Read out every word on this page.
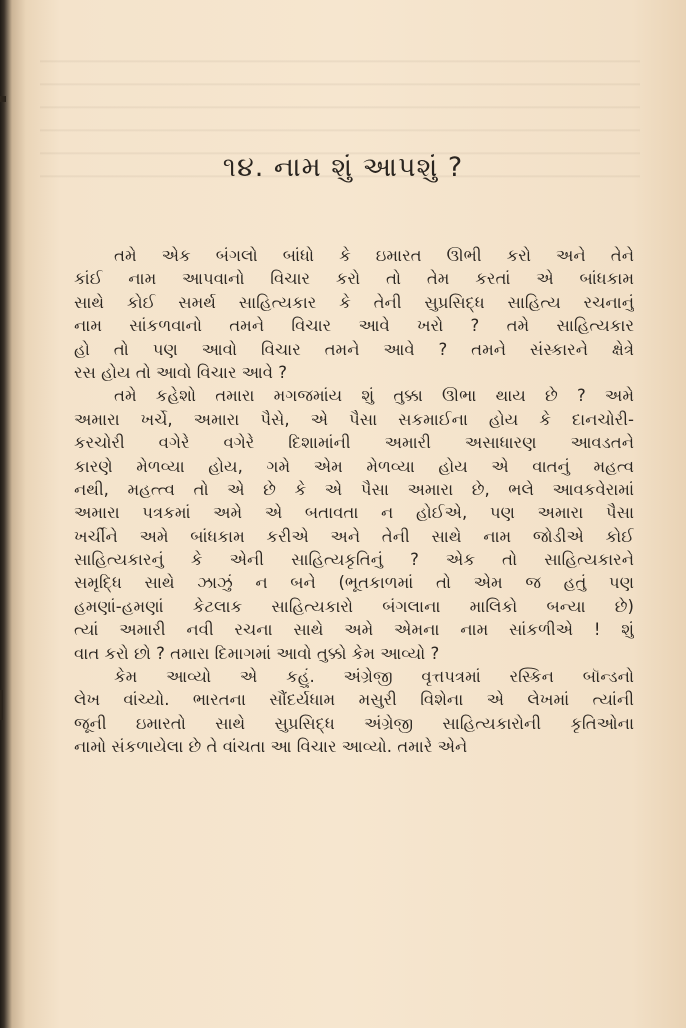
૧૪. નામ શું આપશું ?
તમે એક બંગલો બાંધો કે ઇમારત ઊભી કરો અને તેને
કાંઈ નામ આપવાનો વિચાર કરો તો તેમ કરતાં એ બાંધકામ
સાથે કોઈ સમર્થ સાહિત્યકાર કે તેની સુપ્રસિદ્ધ સાહિત્ય રચનાનું
નામ સાંકળવાનો તમને વિચાર આવે ખરો ? તમે સાહિત્યકાર
હો તો પણ આવો વિચાર તમને આવે ? તમને સંસ્કારને ક્ષેત્રે
રસ હોય તો આવો વિચાર આવે ?
તમે કહેશો તમારા મગજમાંય શું તુક્કા ઊભા થાય છે ? અમે
અમારા ખર્ચે, અમારા પૈસે, એ પૈસા સકમાઈના હોય કે દાનચોરી-
કરચોરી વગેરે વગેરે દિશામાંની અમારી અસાધારણ આવડતને
કારણે મેળવ્યા હોય, ગમે એમ મેળવ્યા હોય એ વાતનું મહત્વ
નથી, મહત્ત્વ તો એ છે કે એ પૈસા અમારા છે, ભલે આવકવેરામાં
અમારા પત્રકમાં અમે એ બતાવતા ન હોઈએ, પણ અમારા પૈસા
ખર્ચીને અમે બાંધકામ કરીએ અને તેની સાથે નામ જોડીએ કોઈ
સાહિત્યકારનું કે એની સાહિત્યકૃતિનું ? એક તો સાહિત્યકારને
સમૃદ્ધિ સાથે ઝાઝું ન બને (ભૂતકાળમાં તો એમ જ હતું પણ
હમણાં-હમણાં કેટલાક સાહિત્યકારો બંગલાના માલિકો બન્યા છે)
ત્યાં અમારી નવી રચના સાથે અમે એમના નામ સાંકળીએ ! શું
વાત કરો છો ? તમારા દિમાગમાં આવો તુક્કો કેમ આવ્યો ?
કેમ આવ્યો એ કહું. અંગ્રેજી વૃત્તપત્રમાં રસ્કિન બૉન્ડનો
લેખ વાંચ્યો. ભારતના સૌંદર્યધામ મસુરી વિશેના એ લેખમાં ત્યાંની
જૂની ઇમારતો સાથે સુપ્રસિદ્ધ અંગ્રેજી સાહિત્યકારોની કૃતિઓના
નામો સંકળાયેલા છે તે વાંચતા આ વિચાર આવ્યો. તમારે એને
